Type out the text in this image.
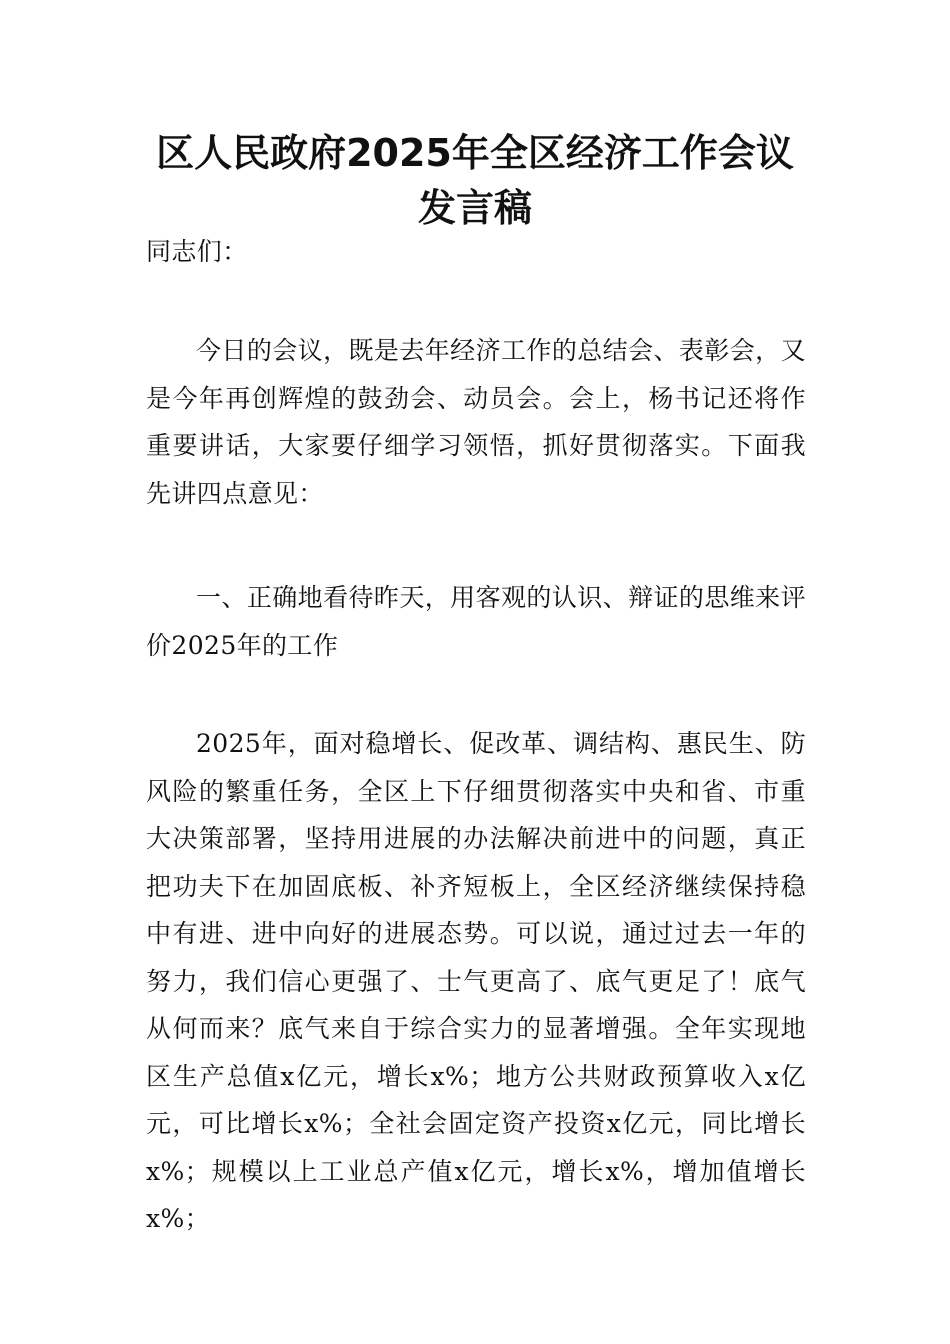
区人民政府2025年全区经济工作会议
发言稿

同志们：

今日的会议，既是去年经济工作的总结会、表彰会，又是今年再创辉煌的鼓劲会、动员会。会上，杨书记还将作重要讲话，大家要仔细学习领悟，抓好贯彻落实。下面我先讲四点意见：

一、正确地看待昨天，用客观的认识、辩证的思维来评价2025年的工作

2025年，面对稳增长、促改革、调结构、惠民生、防风险的繁重任务，全区上下仔细贯彻落实中央和省、市重大决策部署，坚持用进展的办法解决前进中的问题，真正把功夫下在加固底板、补齐短板上，全区经济继续保持稳中有进、进中向好的进展态势。可以说，通过过去一年的努力，我们信心更强了、士气更高了、底气更足了！底气从何而来？底气来自于综合实力的显著增强。全年实现地区生产总值x亿元，增长x%；地方公共财政预算收入x亿元，可比增长x%；全社会固定资产投资x亿元，同比增长x%；规模以上工业总产值x亿元，增长x%，增加值增长x%；
